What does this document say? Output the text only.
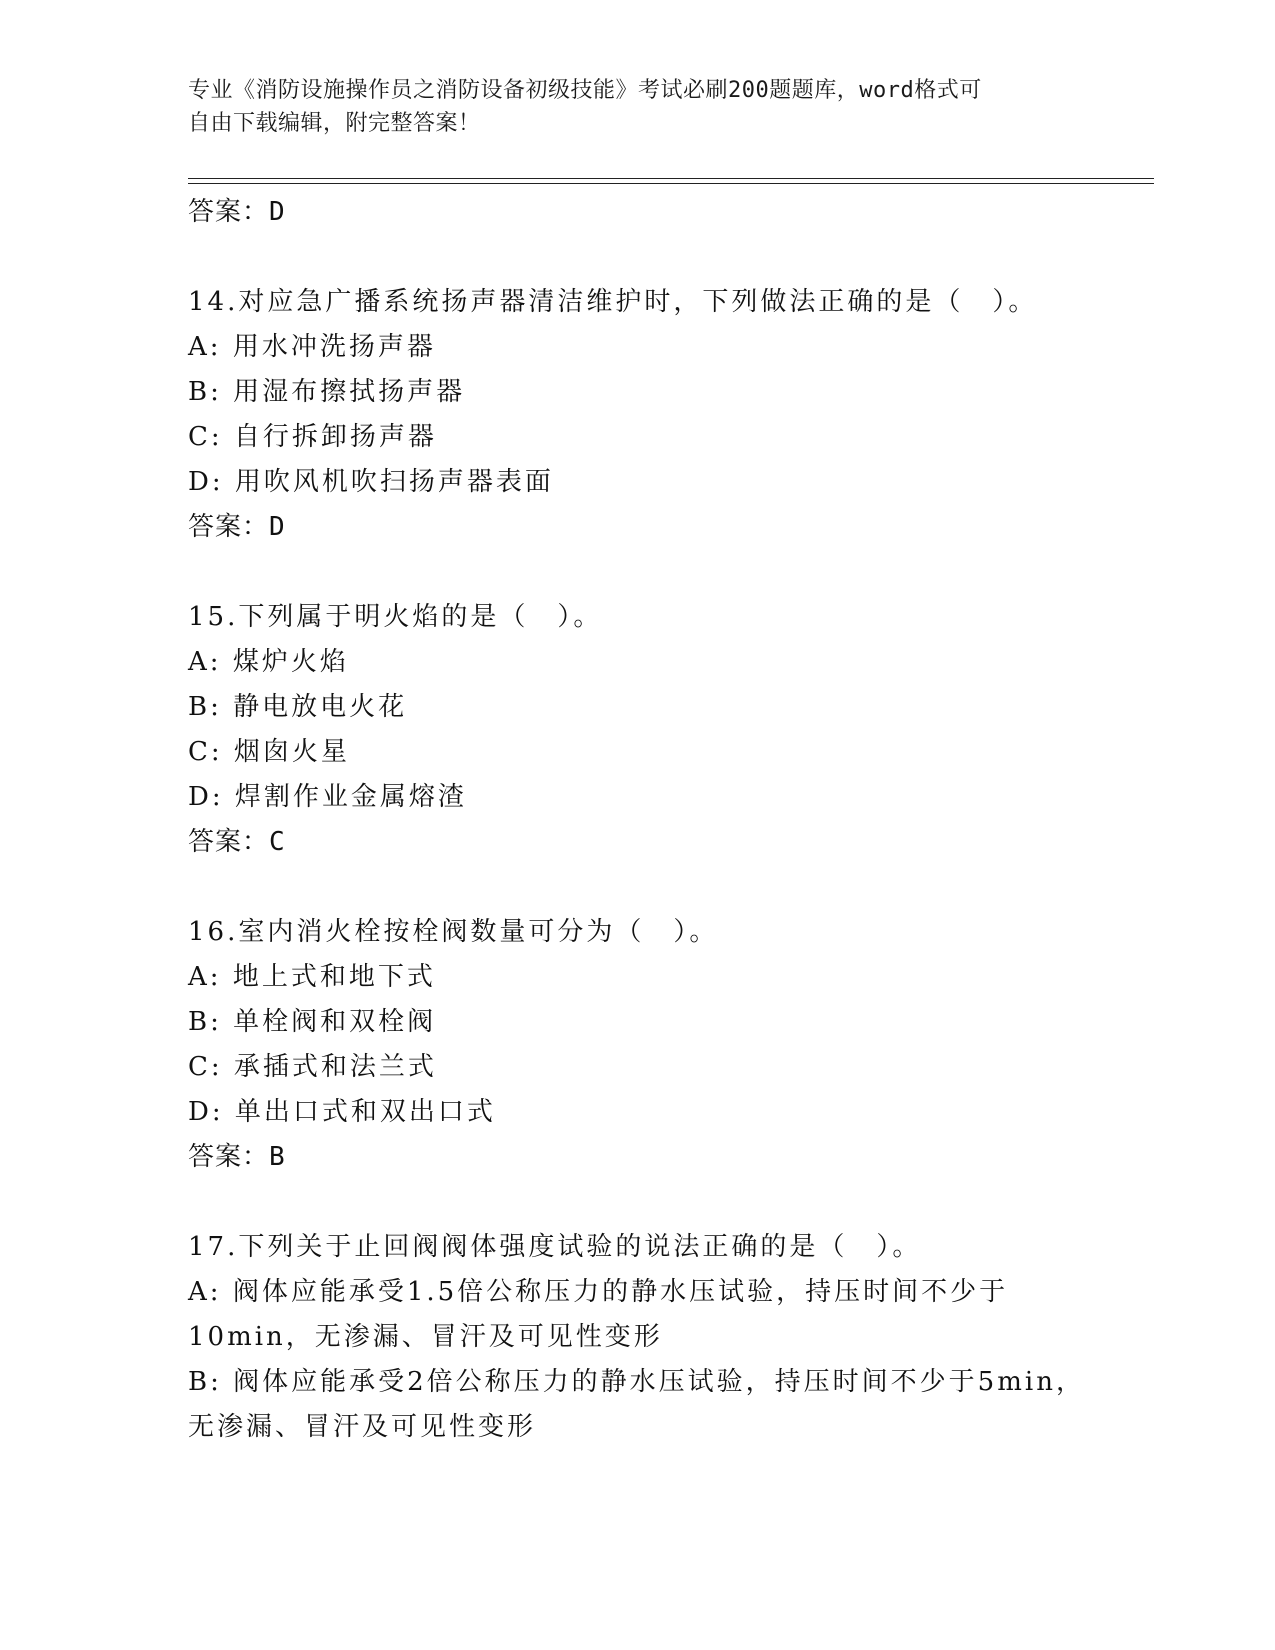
专业《消防设施操作员之消防设备初级技能》考试必刷200题题库，word格式可
自由下载编辑，附完整答案！
答案：D
14.对应急广播系统扬声器清洁维护时，下列做法正确的是（　）。
A: 用水冲洗扬声器
B: 用湿布擦拭扬声器
C: 自行拆卸扬声器
D: 用吹风机吹扫扬声器表面
答案：D
15.下列属于明火焰的是（　）。
A: 煤炉火焰
B: 静电放电火花
C: 烟囱火星
D: 焊割作业金属熔渣
答案：C
16.室内消火栓按栓阀数量可分为（　）。
A: 地上式和地下式
B: 单栓阀和双栓阀
C: 承插式和法兰式
D: 单出口式和双出口式
答案：B
17.下列关于止回阀阀体强度试验的说法正确的是（　）。
A: 阀体应能承受1.5倍公称压力的静水压试验，持压时间不少于
10min，无渗漏、冒汗及可见性变形
B: 阀体应能承受2倍公称压力的静水压试验，持压时间不少于5min，
无渗漏、冒汗及可见性变形
